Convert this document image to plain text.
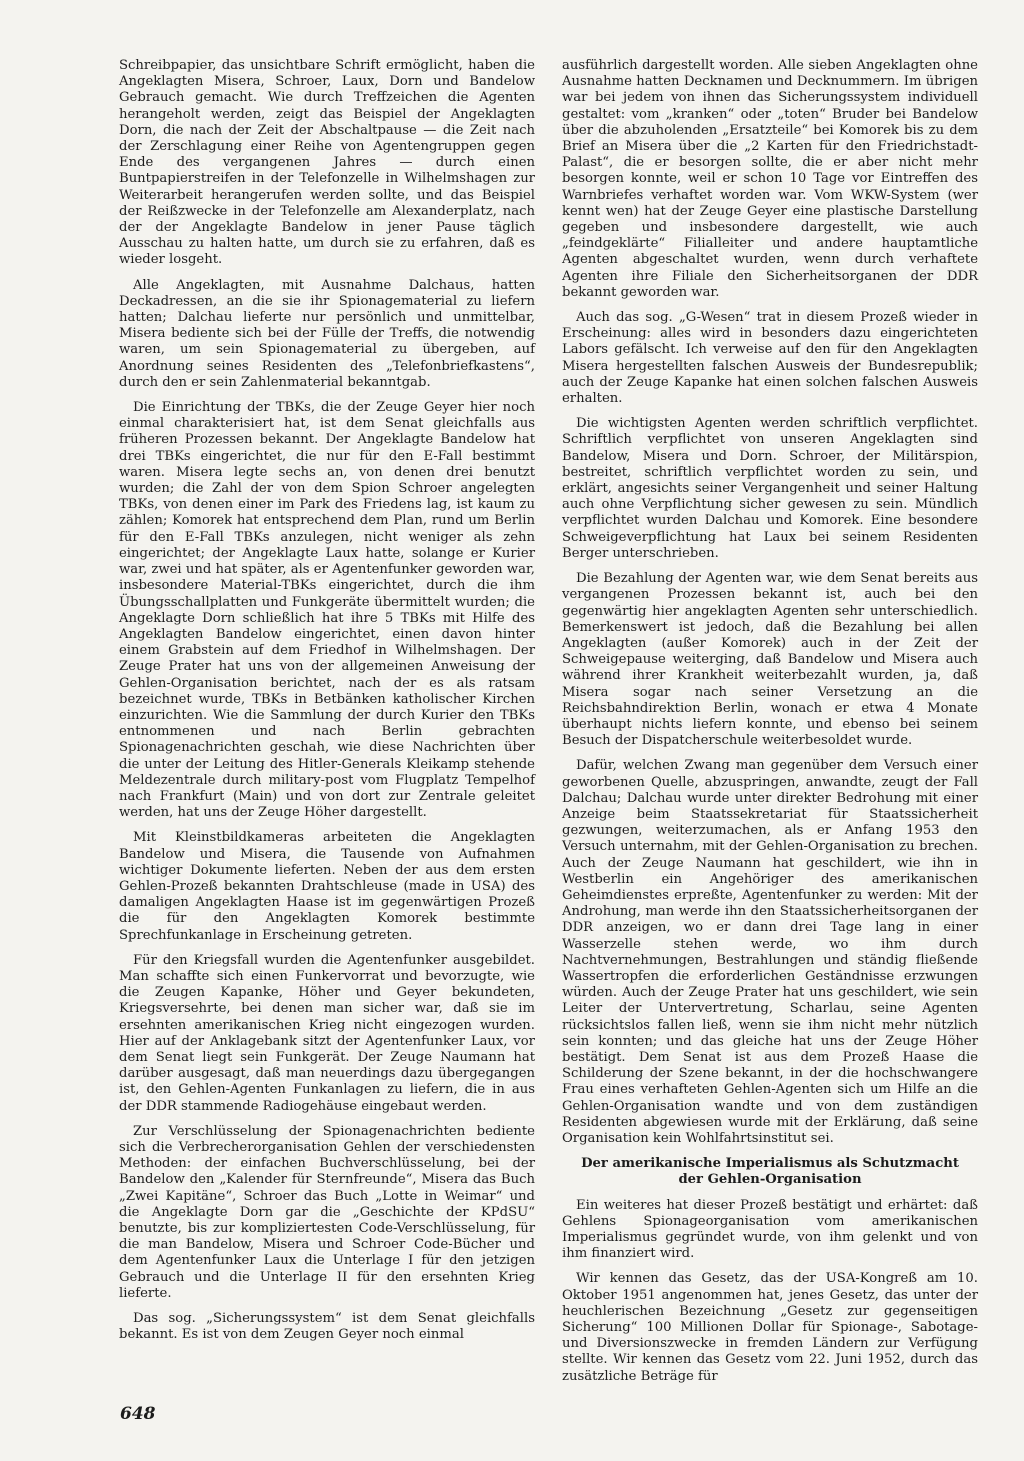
Schreibpapier, das unsichtbare Schrift ermöglicht, haben die Angeklagten Misera, Schroer, Laux, Dorn und Bandelow Gebrauch gemacht. Wie durch Treffzeichen die Agenten herangeholt werden, zeigt das Beispiel der Angeklagten Dorn, die nach der Zeit der Abschaltpause — die Zeit nach der Zerschlagung einer Reihe von Agentengruppen gegen Ende des vergangenen Jahres — durch einen Buntpapierstreifen in der Telefonzelle in Wilhelmshagen zur Weiterarbeit herangerufen werden sollte, und das Beispiel der Reißzwecke in der Telefonzelle am Alexanderplatz, nach der der Angeklagte Bandelow in jener Pause täglich Ausschau zu halten hatte, um durch sie zu erfahren, daß es wieder losgeht.

Alle Angeklagten, mit Ausnahme Dalchaus, hatten Deckadressen, an die sie ihr Spionagematerial zu liefern hatten; Dalchau lieferte nur persönlich und unmittelbar, Misera bediente sich bei der Fülle der Treffs, die notwendig waren, um sein Spionagematerial zu übergeben, auf Anordnung seines Residenten des „Telefonbriefkastens“, durch den er sein Zahlenmaterial bekanntgab.

Die Einrichtung der TBKs, die der Zeuge Geyer hier noch einmal charakterisiert hat, ist dem Senat gleichfalls aus früheren Prozessen bekannt. Der Angeklagte Bandelow hat drei TBKs eingerichtet, die nur für den E-Fall bestimmt waren. Misera legte sechs an, von denen drei benutzt wurden; die Zahl der von dem Spion Schroer angelegten TBKs, von denen einer im Park des Friedens lag, ist kaum zu zählen; Komorek hat entsprechend dem Plan, rund um Berlin für den E-Fall TBKs anzulegen, nicht weniger als zehn eingerichtet; der Angeklagte Laux hatte, solange er Kurier war, zwei und hat später, als er Agentenfunker geworden war, insbesondere Material-TBKs eingerichtet, durch die ihm Übungsschallplatten und Funkgeräte übermittelt wurden; die Angeklagte Dorn schließlich hat ihre 5 TBKs mit Hilfe des Angeklagten Bandelow eingerichtet, einen davon hinter einem Grabstein auf dem Friedhof in Wilhelmshagen. Der Zeuge Prater hat uns von der allgemeinen Anweisung der Gehlen-Organisation berichtet, nach der es als ratsam bezeichnet wurde, TBKs in Betbänken katholischer Kirchen einzurichten. Wie die Sammlung der durch Kurier den TBKs entnommenen und nach Berlin gebrachten Spionagenachrichten geschah, wie diese Nachrichten über die unter der Leitung des Hitler-Generals Kleikamp stehende Meldezentrale durch military-post vom Flugplatz Tempelhof nach Frankfurt (Main) und von dort zur Zentrale geleitet werden, hat uns der Zeuge Höher dargestellt.

Mit Kleinstbildkameras arbeiteten die Angeklagten Bandelow und Misera, die Tausende von Aufnahmen wichtiger Dokumente lieferten. Neben der aus dem ersten Gehlen-Prozeß bekannten Drahtschleuse (made in USA) des damaligen Angeklagten Haase ist im gegenwärtigen Prozeß die für den Angeklagten Komorek bestimmte Sprechfunkanlage in Erscheinung getreten.

Für den Kriegsfall wurden die Agentenfunker ausgebildet. Man schaffte sich einen Funkervorrat und bevorzugte, wie die Zeugen Kapanke, Höher und Geyer bekundeten, Kriegsversehrte, bei denen man sicher war, daß sie im ersehnten amerikanischen Krieg nicht eingezogen wurden. Hier auf der Anklagebank sitzt der Agentenfunker Laux, vor dem Senat liegt sein Funkgerät. Der Zeuge Naumann hat darüber ausgesagt, daß man neuerdings dazu übergegangen ist, den Gehlen-Agenten Funkanlagen zu liefern, die in aus der DDR stammende Radiogehäuse eingebaut werden.

Zur Verschlüsselung der Spionagenachrichten bediente sich die Verbrecherorganisation Gehlen der verschiedensten Methoden: der einfachen Buchverschlüsselung, bei der Bandelow den „Kalender für Sternfreunde“, Misera das Buch „Zwei Kapitäne“, Schroer das Buch „Lotte in Weimar“ und die Angeklagte Dorn gar die „Geschichte der KPdSU“ benutzte, bis zur kompliziertesten Code-Verschlüsselung, für die man Bandelow, Misera und Schroer Code-Bücher und dem Agentenfunker Laux die Unterlage I für den jetzigen Gebrauch und die Unterlage II für den ersehnten Krieg lieferte.

Das sog. „Sicherungssystem“ ist dem Senat gleichfalls bekannt. Es ist von dem Zeugen Geyer noch einmal

ausführlich dargestellt worden. Alle sieben Angeklagten ohne Ausnahme hatten Decknamen und Decknummern. Im übrigen war bei jedem von ihnen das Sicherungssystem individuell gestaltet: vom „kranken“ oder „toten“ Bruder bei Bandelow über die abzuholenden „Ersatzteile“ bei Komorek bis zu dem Brief an Misera über die „2 Karten für den Friedrichstadt-Palast“, die er besorgen sollte, die er aber nicht mehr besorgen konnte, weil er schon 10 Tage vor Eintreffen des Warnbriefes verhaftet worden war. Vom WKW-System (wer kennt wen) hat der Zeuge Geyer eine plastische Darstellung gegeben und insbesondere dargestellt, wie auch „feindgeklärte“ Filialleiter und andere hauptamtliche Agenten abgeschaltet wurden, wenn durch verhaftete Agenten ihre Filiale den Sicherheitsorganen der DDR bekannt geworden war.

Auch das sog. „G-Wesen“ trat in diesem Prozeß wieder in Erscheinung: alles wird in besonders dazu eingerichteten Labors gefälscht. Ich verweise auf den für den Angeklagten Misera hergestellten falschen Ausweis der Bundesrepublik; auch der Zeuge Kapanke hat einen solchen falschen Ausweis erhalten.

Die wichtigsten Agenten werden schriftlich verpflichtet. Schriftlich verpflichtet von unseren Angeklagten sind Bandelow, Misera und Dorn. Schroer, der Militärspion, bestreitet, schriftlich verpflichtet worden zu sein, und erklärt, angesichts seiner Vergangenheit und seiner Haltung auch ohne Verpflichtung sicher gewesen zu sein. Mündlich verpflichtet wurden Dalchau und Komorek. Eine besondere Schweigeverpflichtung hat Laux bei seinem Residenten Berger unterschrieben.

Die Bezahlung der Agenten war, wie dem Senat bereits aus vergangenen Prozessen bekannt ist, auch bei den gegenwärtig hier angeklagten Agenten sehr unterschiedlich. Bemerkenswert ist jedoch, daß die Bezahlung bei allen Angeklagten (außer Komorek) auch in der Zeit der Schweigepause weiterging, daß Bandelow und Misera auch während ihrer Krankheit weiterbezahlt wurden, ja, daß Misera sogar nach seiner Versetzung an die Reichsbahndirektion Berlin, wonach er etwa 4 Monate überhaupt nichts liefern konnte, und ebenso bei seinem Besuch der Dispatcherschule weiterbesoldet wurde.

Dafür, welchen Zwang man gegenüber dem Versuch einer geworbenen Quelle, abzuspringen, anwandte, zeugt der Fall Dalchau; Dalchau wurde unter direkter Bedrohung mit einer Anzeige beim Staatssekretariat für Staatssicherheit gezwungen, weiterzumachen, als er Anfang 1953 den Versuch unternahm, mit der Gehlen-Organisation zu brechen. Auch der Zeuge Naumann hat geschildert, wie ihn in Westberlin ein Angehöriger des amerikanischen Geheimdienstes erpreßte, Agentenfunker zu werden: Mit der Androhung, man werde ihn den Staatssicherheitsorganen der DDR anzeigen, wo er dann drei Tage lang in einer Wasserzelle stehen werde, wo ihm durch Nachtvernehmungen, Bestrahlungen und ständig fließende Wassertropfen die erforderlichen Geständnisse erzwungen würden. Auch der Zeuge Prater hat uns geschildert, wie sein Leiter der Untervertretung, Scharlau, seine Agenten rücksichtslos fallen ließ, wenn sie ihm nicht mehr nützlich sein konnten; und das gleiche hat uns der Zeuge Höher bestätigt. Dem Senat ist aus dem Prozeß Haase die Schilderung der Szene bekannt, in der die hochschwangere Frau eines verhafteten Gehlen-Agenten sich um Hilfe an die Gehlen-Organisation wandte und von dem zuständigen Residenten abgewiesen wurde mit der Erklärung, daß seine Organisation kein Wohlfahrtsinstitut sei.

Der amerikanische Imperialismus als Schutzmacht
der Gehlen-Organisation

Ein weiteres hat dieser Prozeß bestätigt und erhärtet: daß Gehlens Spionageorganisation vom amerikanischen Imperialismus gegründet wurde, von ihm gelenkt und von ihm finanziert wird.

Wir kennen das Gesetz, das der USA-Kongreß am 10. Oktober 1951 angenommen hat, jenes Gesetz, das unter der heuchlerischen Bezeichnung „Gesetz zur gegenseitigen Sicherung“ 100 Millionen Dollar für Spionage-, Sabotage- und Diversionszwecke in fremden Ländern zur Verfügung stellte. Wir kennen das Gesetz vom 22. Juni 1952, durch das zusätzliche Beträge für

648
